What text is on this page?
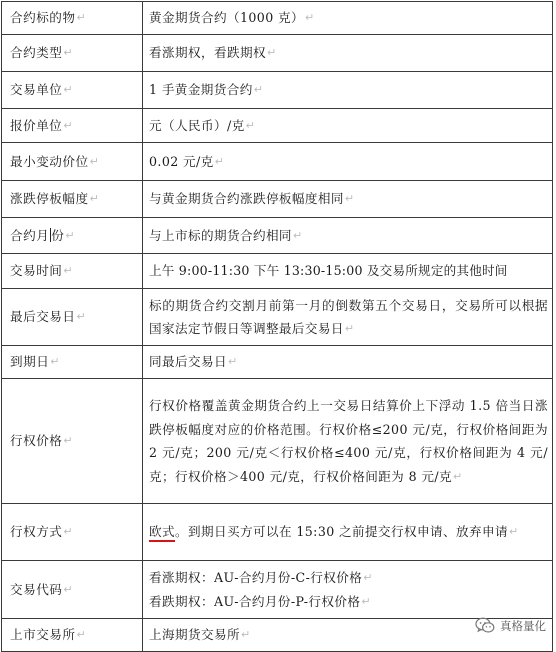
合约标的物↵	黄金期货合约（1000 克）↵
合约类型↵	看涨期权，看跌期权↵
交易单位↵	1 手黄金期货合约↵
报价单位↵	元（人民币）/克↵
最小变动价位↵	0.02 元/克↵
涨跌停板幅度↵	与黄金期货合约涨跌停板幅度相同↵
合约月 份↵	与上市标的期货合约相同↵
交易时间↵	上午 9:00-11:30 下午 13:30-15:00 及交易所规定的其他时间
最后交易日↵	标的期货合约交割月前第一月的倒数第五个交易日，交易所可以根据国家法定节假日等调整最后交易日↵
到期日↵	同最后交易日↵
行权价格↵	行权价格覆盖黄金期货合约上一交易日结算价上下浮动 1.5 倍当日涨跌停板幅度对应的价格范围。行权价格≤200 元/克，行权价格间距为 2 元/克；200 元/克＜行权价格≤400 元/克，行权价格间距为 4 元/克；行权价格＞400 元/克，行权价格间距为 8 元/克↵
行权方式↵	欧式。到期日买方可以在 15:30 之前提交行权申请、放弃申请↵
交易代码↵	看涨期权：AU-合约月份-C-行权价格↵
看跌期权：AU-合约月份-P-行权价格↵

上市交易所↵	上海期货交易所↵
真格量化
